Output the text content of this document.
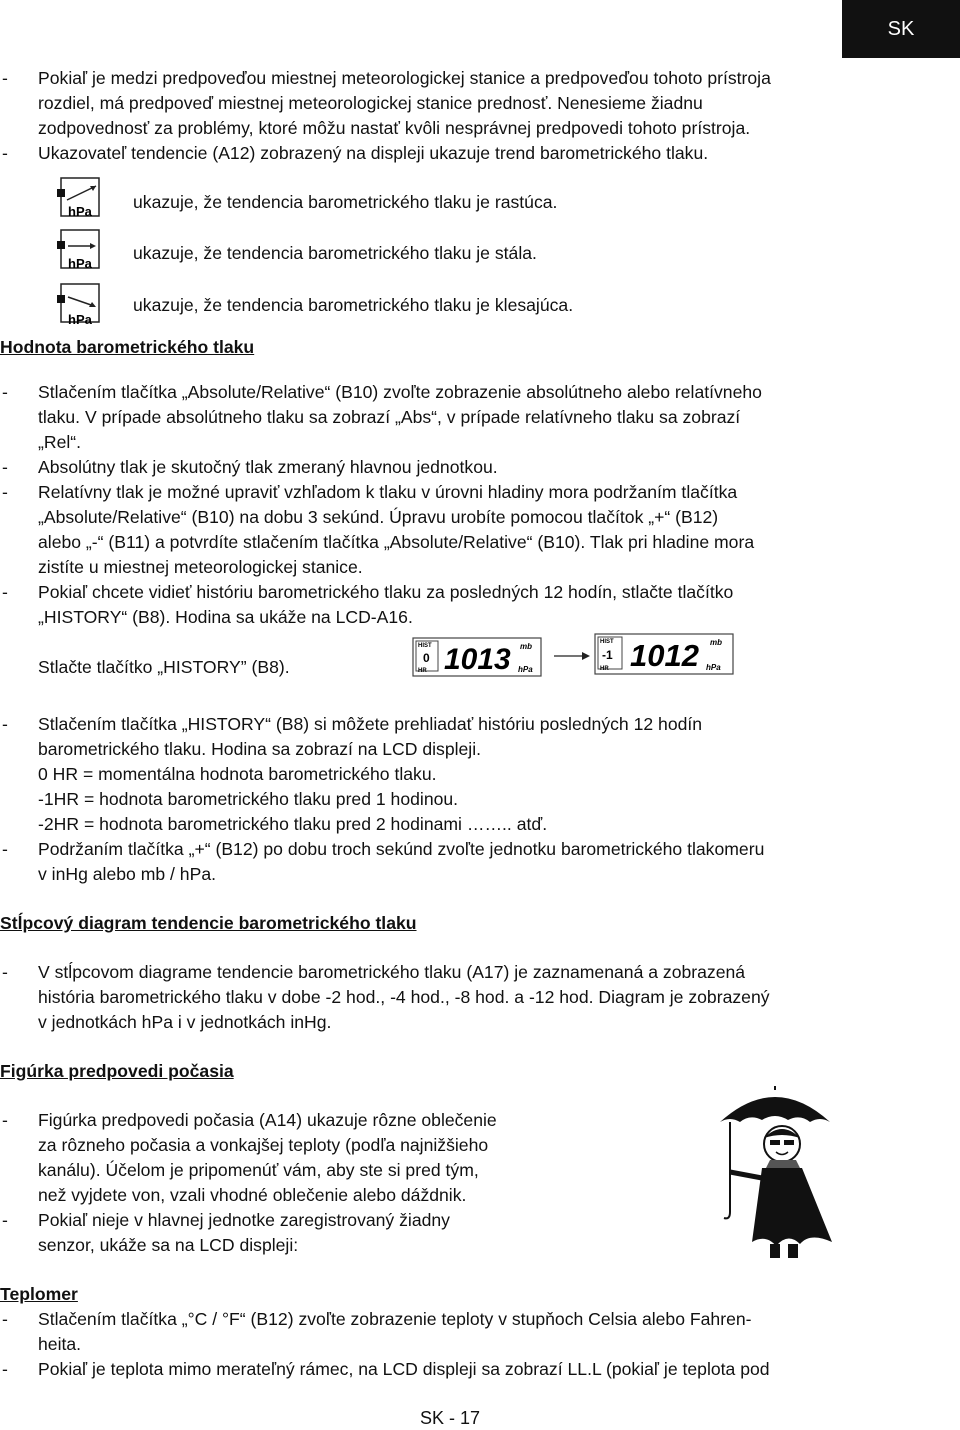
SK

- Pokiaľ je medzi predpoveďou miestnej meteorologickej stanice a predpoveďou tohoto prístroja
rozdiel, má predpoveď miestnej meteorologickej stanice prednosť. Nenesieme žiadnu
zodpovednosť za problémy, ktoré môžu nastať kvôli nesprávnej predpovedi tohoto prístroja.

- Ukazovateľ tendencie (A12) zobrazený na displeji ukazuje trend barometrického tlaku.

hPa ukazuje, že tendencia barometrického tlaku je rastúca.
hPa
ukazuje, že tendencia barometrického tlaku je stála.
hPa
ukazuje, že tendencia barometrického tlaku je klesajúca.

Hodnota barometrického tlaku

- Stlačením tlačítka „Absolute/Relative“ (B10) zvoľte zobrazenie absolútneho alebo relatívneho
tlaku. V prípade absolútneho tlaku sa zobrazí „Abs“, v prípade relatívneho tlaku sa zobrazí
„Rel“.

- Absolútny tlak je skutočný tlak zmeraný hlavnou jednotkou.

- Relatívny tlak je možné upraviť vzhľadom k tlaku v úrovni hladiny mora podržaním tlačítka
„Absolute/Relative“ (B10) na dobu 3 sekúnd. Úpravu urobíte pomocou tlačítok „+“ (B12)
alebo „-“ (B11) a potvrdíte stlačením tlačítka „Absolute/Relative“ (B10). Tlak pri hladine mora
zistíte u miestnej meteorologickej stanice.

- Pokiaľ chcete vidieť históriu barometrického tlaku za posledných 12 hodín, stlačte tlačítko
„HISTORY“ (B8). Hodina sa ukáže na LCD-A16.

Stlačte tlačítko „HISTORY” (B8).
HIST
0
HR 1013 mb
hPa
HIST
-1
HR 1012 mb
hPa

- Stlačením tlačítka „HISTORY“ (B8) si môžete prehliadať históriu posledných 12 hodín
barometrického tlaku. Hodina sa zobrazí na LCD displeji.
0 HR = momentálna hodnota barometrického tlaku.
-1HR = hodnota barometrického tlaku pred 1 hodinou.
-2HR = hodnota barometrického tlaku pred 2 hodinami …….. atď.

- Podržaním tlačítka „+“ (B12) po dobu troch sekúnd zvoľte jednotku barometrického tlakomeru
v inHg alebo mb / hPa.

Stĺpcový diagram tendencie barometrického tlaku

- V stĺpcovom diagrame tendencie barometrického tlaku (A17) je zaznamenaná a zobrazená
história barometrického tlaku v dobe -2 hod., -4 hod., -8 hod. a -12 hod. Diagram je zobrazený
v jednotkách hPa i v jednotkách inHg.

Figúrka predpovedi počasia

- Figúrka predpovedi počasia (A14) ukazuje rôzne oblečenie
za rôzneho počasia a vonkajšej teploty (podľa najnižšieho
kanálu). Účelom je pripomenúť vám, aby ste si pred tým,
než vyjdete von, vzali vhodné oblečenie alebo dáždnik.

- Pokiaľ nieje v hlavnej jednotke zaregistrovaný žiadny
senzor, ukáže sa na LCD displeji:

Teplomer

- Stlačením tlačítka „°C / °F“ (B12) zvoľte zobrazenie teploty v stupňoch Celsia alebo Fahren-
heita.

- Pokiaľ je teplota mimo merateľný rámec, na LCD displeji sa zobrazí LL.L (pokiaľ je teplota pod

SK - 17
